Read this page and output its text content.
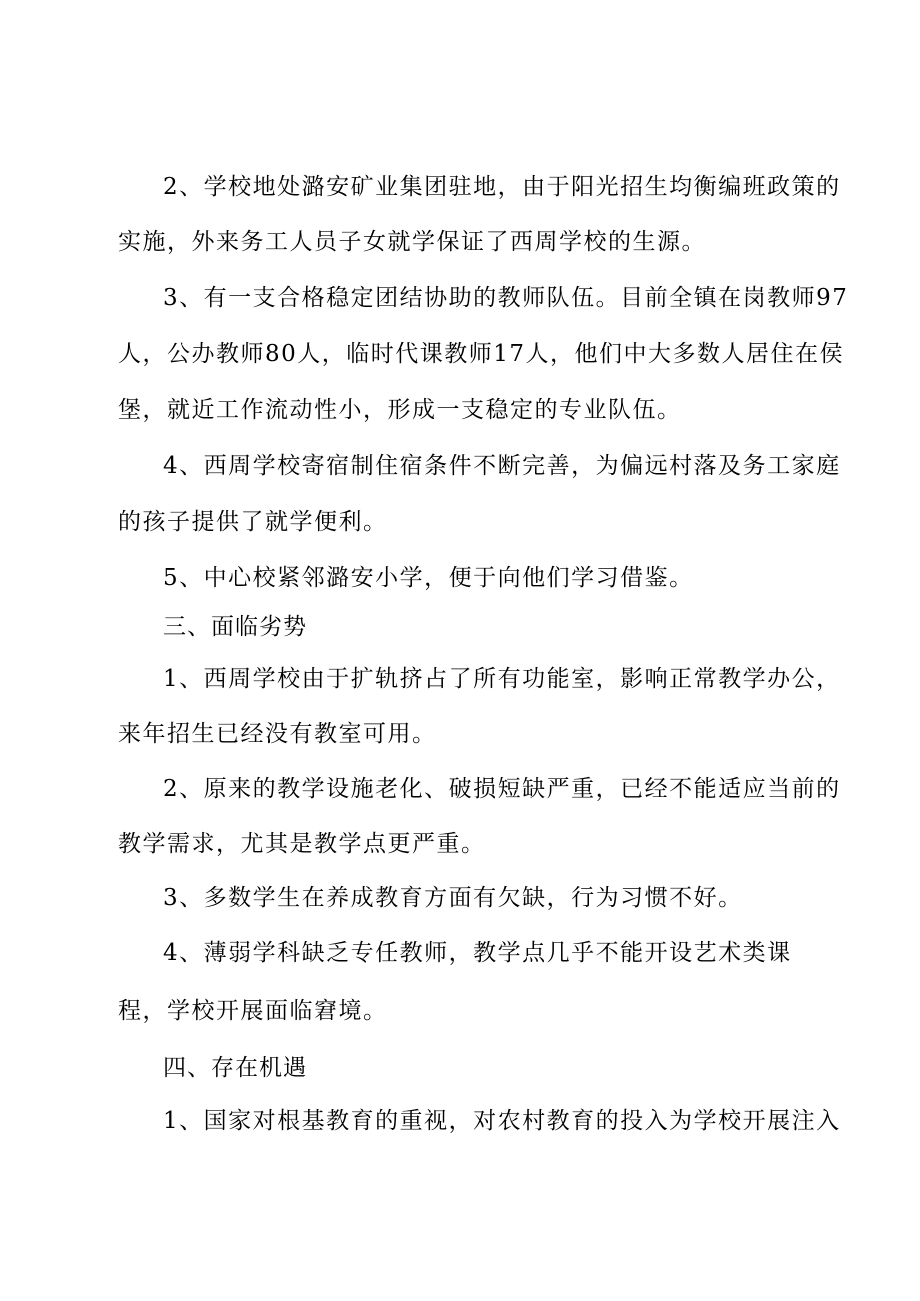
2、学校地处潞安矿业集团驻地，由于阳光招生均衡编班政策的
实施，外来务工人员子女就学保证了西周学校的生源。
3、有一支合格稳定团结协助的教师队伍。目前全镇在岗教师97
人，公办教师80人，临时代课教师17人，他们中大多数人居住在侯
堡，就近工作流动性小，形成一支稳定的专业队伍。
4、西周学校寄宿制住宿条件不断完善，为偏远村落及务工家庭
的孩子提供了就学便利。
5、中心校紧邻潞安小学，便于向他们学习借鉴。
三、面临劣势
1、西周学校由于扩轨挤占了所有功能室，影响正常教学办公，
来年招生已经没有教室可用。
2、原来的教学设施老化、破损短缺严重，已经不能适应当前的
教学需求，尤其是教学点更严重。
3、多数学生在养成教育方面有欠缺，行为习惯不好。
4、薄弱学科缺乏专任教师，教学点几乎不能开设艺术类课
程，学校开展面临窘境。
四、存在机遇
1、国家对根基教育的重视，对农村教育的投入为学校开展注入
